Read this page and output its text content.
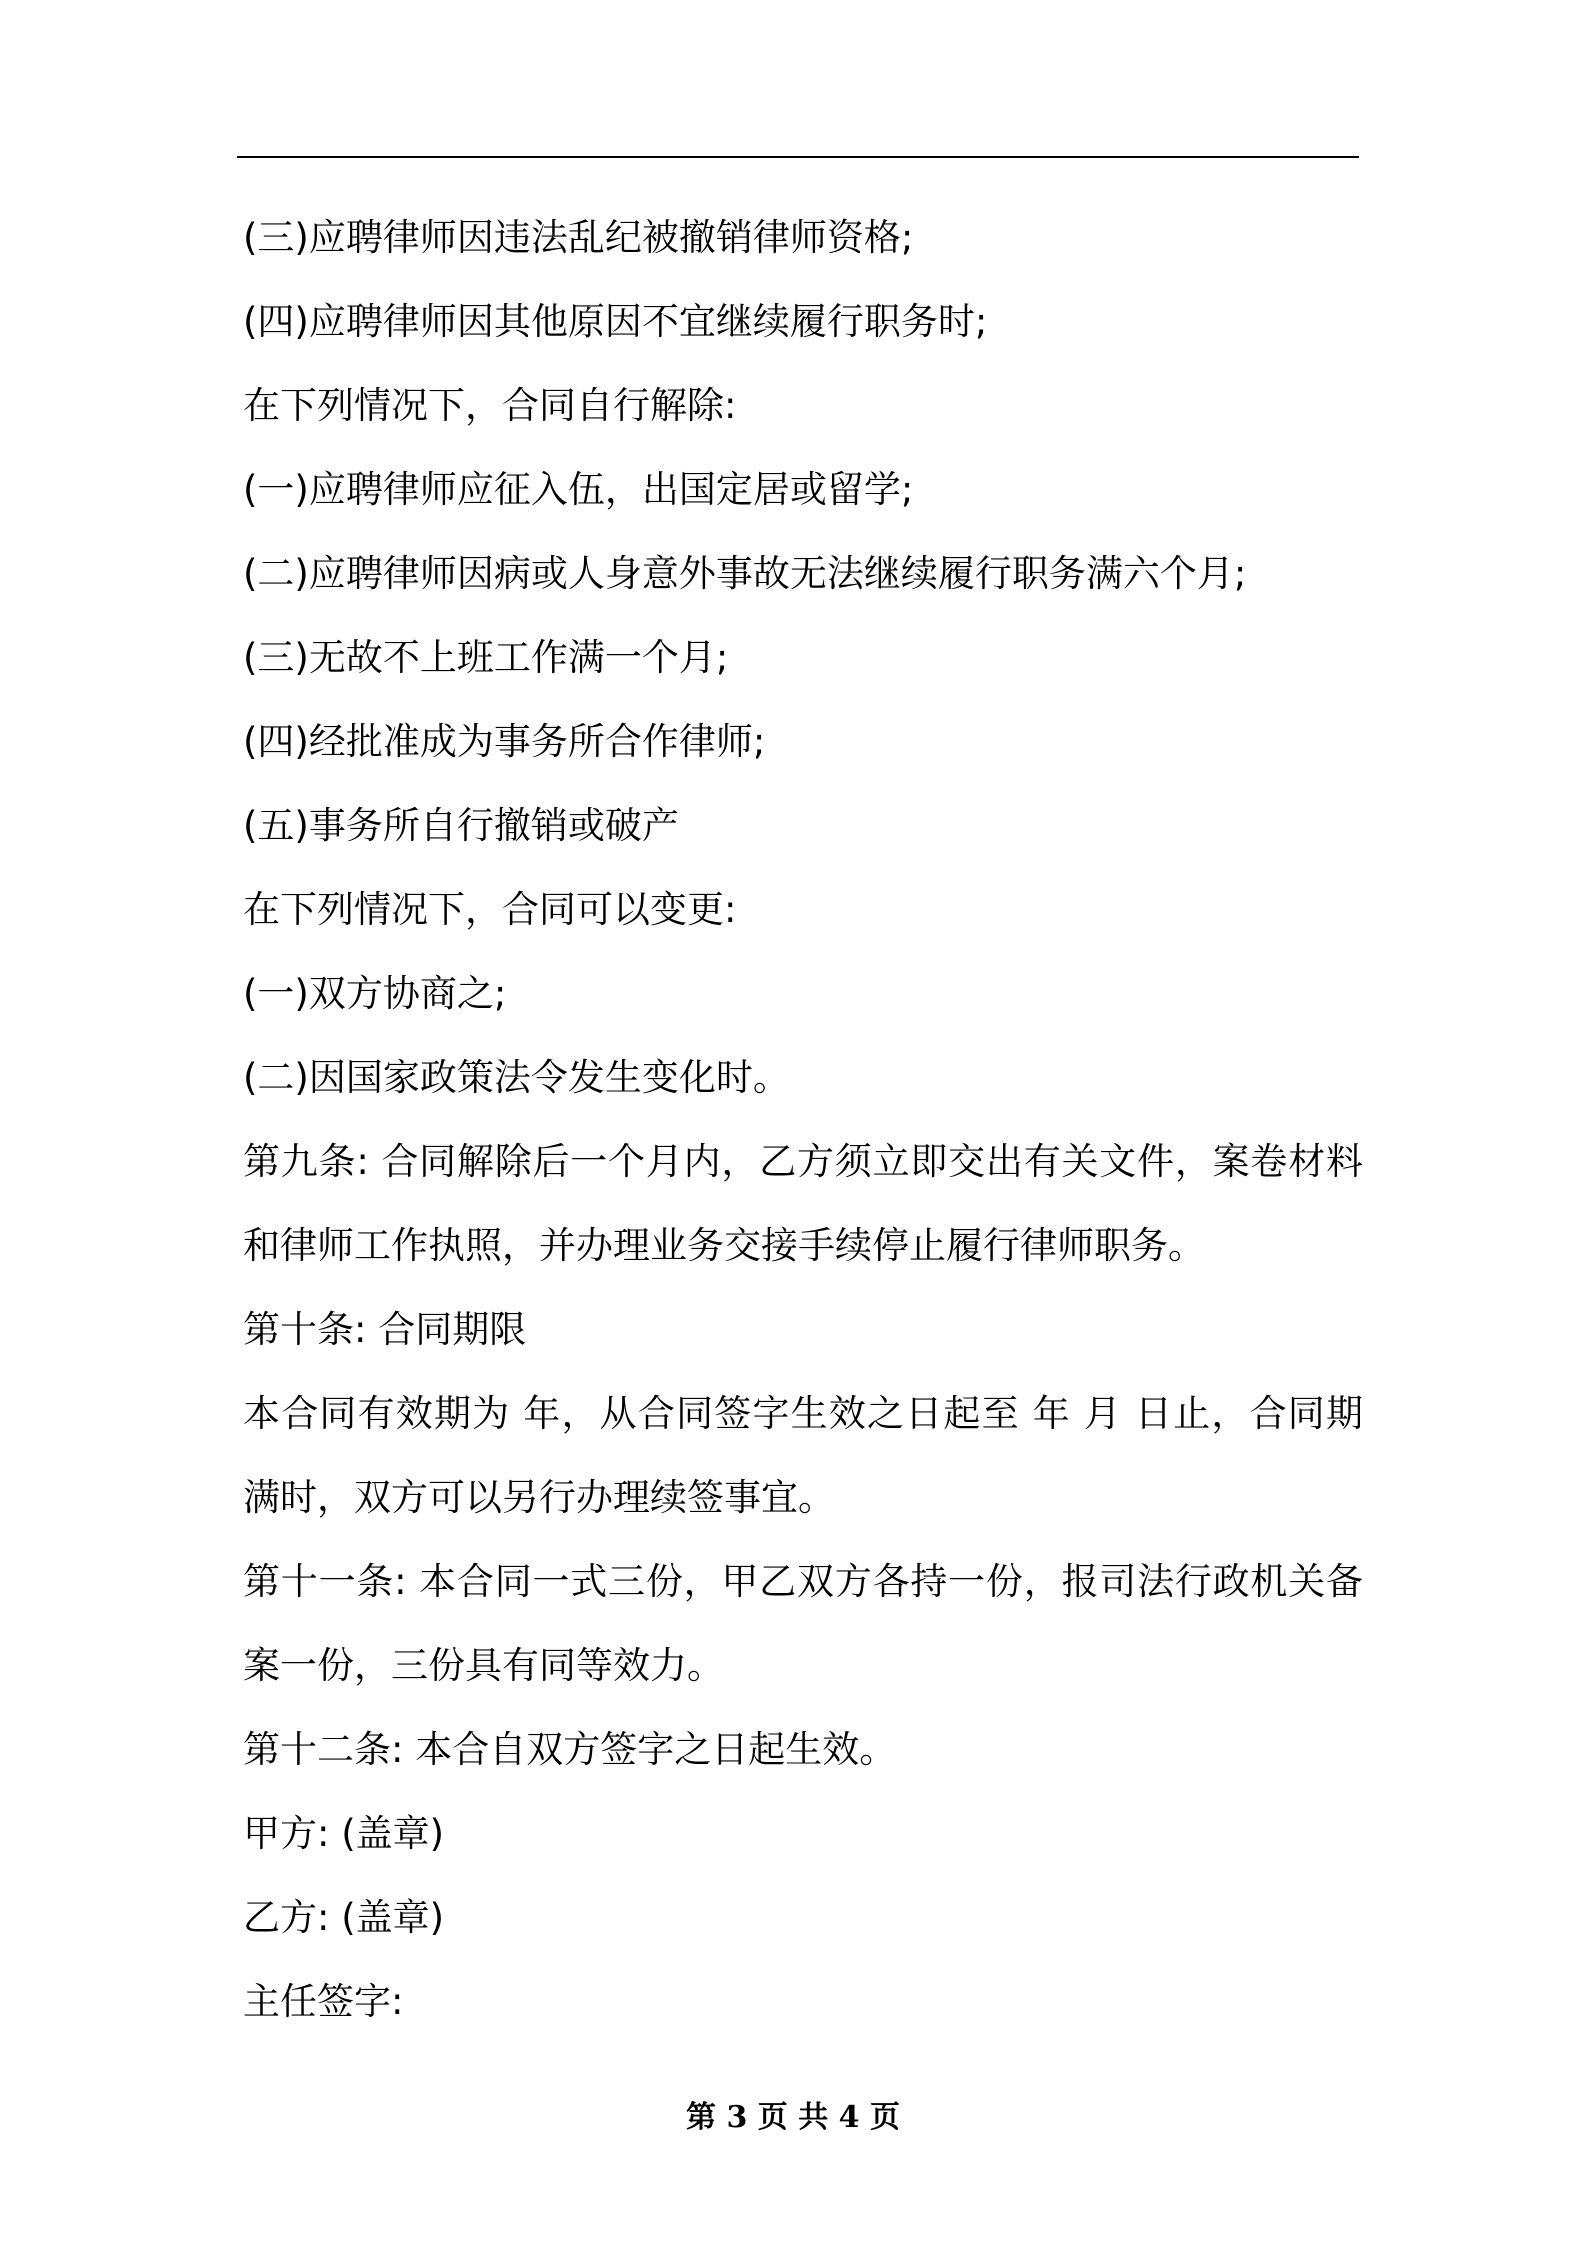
(三)应聘律师因违法乱纪被撤销律师资格;
(四)应聘律师因其他原因不宜继续履行职务时;
在下列情况下，合同自行解除:
(一)应聘律师应征入伍，出国定居或留学;
(二)应聘律师因病或人身意外事故无法继续履行职务满六个月;
(三)无故不上班工作满一个月;
(四)经批准成为事务所合作律师;
(五)事务所自行撤销或破产
在下列情况下，合同可以变更:
(一)双方协商之;
(二)因国家政策法令发生变化时。
第九条: 合同解除后一个月内，乙方须立即交出有关文件，案卷材料
和律师工作执照，并办理业务交接手续停止履行律师职务。
第十条: 合同期限
本合同有效期为 年，从合同签字生效之日起至 年 月 日止，合同期
满时，双方可以另行办理续签事宜。
第十一条: 本合同一式三份，甲乙双方各持一份，报司法行政机关备
案一份，三份具有同等效力。
第十二条: 本合自双方签字之日起生效。
甲方: (盖章)
乙方: (盖章)
主任签字:
第 3 页 共 4 页
